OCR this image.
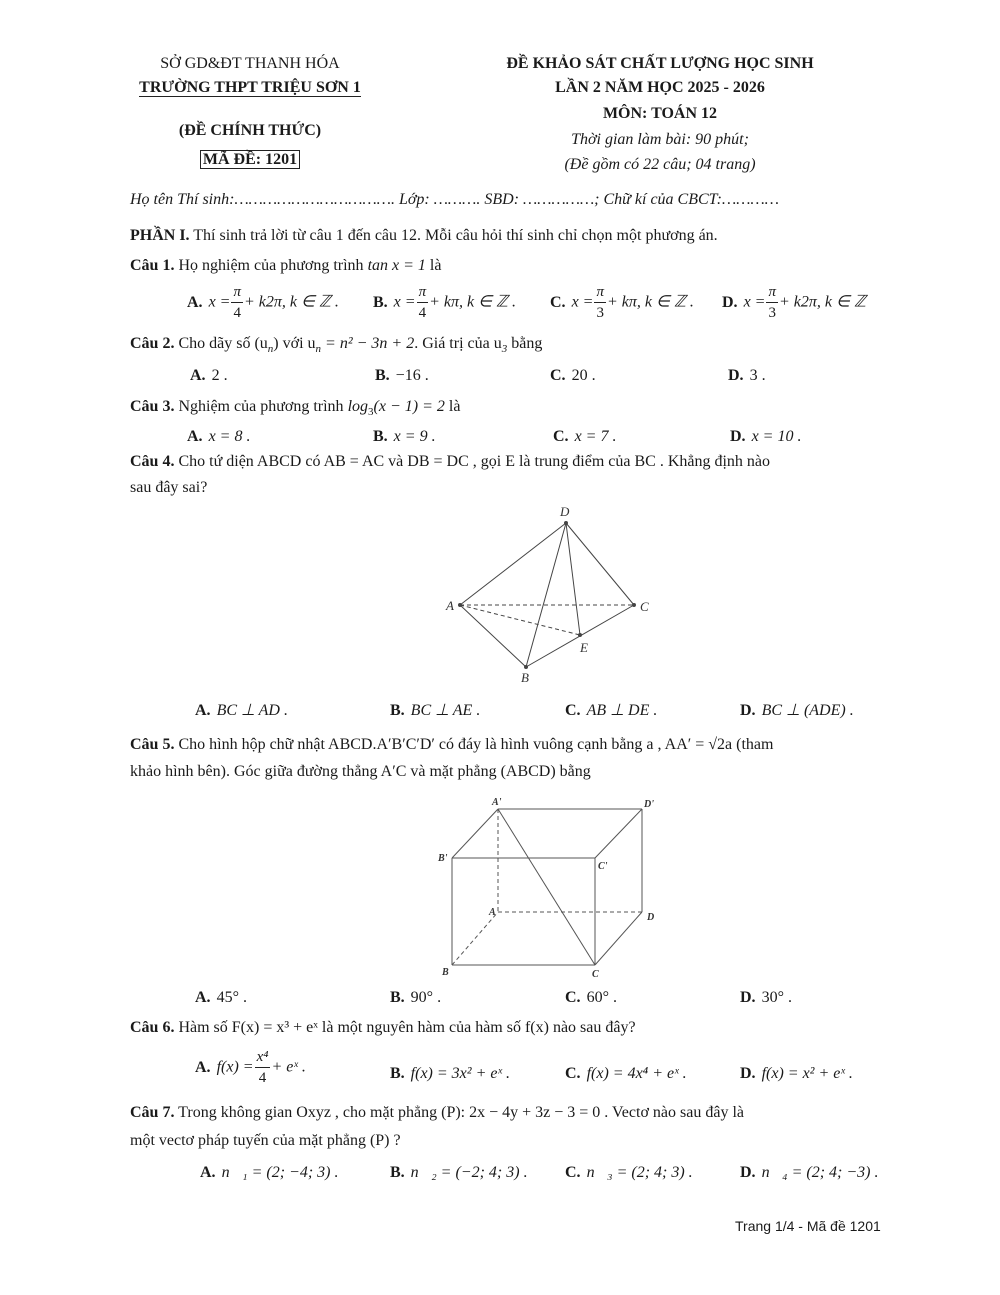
SỞ GD&ĐT THANH HÓA
TRƯỜNG THPT TRIỆU SƠN 1
(ĐỀ CHÍNH THỨC)
MÃ ĐỀ: 1201
ĐỀ KHẢO SÁT CHẤT LƯỢNG HỌC SINH
LẦN 2 NĂM HỌC 2025 - 2026
MÔN: TOÁN 12
Thời gian làm bài: 90 phút;
(Đề gồm có 22 câu; 04 trang)
Họ tên Thí sinh:……………………………. Lớp: ………. SBD: ……………; Chữ kí của CBCT:…………
PHẦN I. Thí sinh trả lời từ câu 1 đến câu 12. Mỗi câu hỏi thí sinh chỉ chọn một phương án.
Câu 1. Họ nghiệm của phương trình tan x = 1 là
A. $x = \frac{\pi}{4} + k2\pi$, k ∈ ℤ . B. $x = \frac{\pi}{4} + k\pi$, k ∈ ℤ . C. $x = \frac{\pi}{3} + k\pi$, k ∈ ℤ . D. $x = \frac{\pi}{3} + k2\pi$, k ∈ ℤ
Câu 2. Cho dãy số $(u_n)$ với $u_n = n^2 - 3n + 2$. Giá trị của $u_3$ bằng
A. 2 .	B. −16 .	C. 20 .	D. 3 .
Câu 3. Nghiệm của phương trình $\log_3(x - 1) = 2$ là
A. x = 8 .	B. x = 9 .	C. x = 7 .	D. x = 10 .
Câu 4. Cho tứ diện ABCD có AB = AC và DB = DC , gọi E là trung điểm của BC . Khẳng định nào
sau đây sai?
D
A	C
E
B
A. BC ⊥ AD .	B. BC ⊥ AE .	C. AB ⊥ DE .	D. BC ⊥ (ADE) .
Câu 5. Cho hình hộp chữ nhật ABCD.A′B′C′D′ có đáy là hình vuông cạnh bằng a , AA′ = √2a (tham
khảo hình bên). Góc giữa đường thẳng A′C và mặt phẳng (ABCD) bằng
A'	D'
B'
C'
A	D
B	C
A. 45° .	B. 90° .	C. 60° .	D. 30° .
Câu 6. Hàm số F(x) = x³ + eˣ là một nguyên hàm của hàm số f(x) nào sau đây?
A. $f(x) = \frac{\text{x⁴}}{4}$ + eˣ .	B. f(x) = 3x² + eˣ .	C. f(x) = 4x⁴ + eˣ .	D. f(x) = x² + eˣ .
Câu 7. Trong không gian Oxyz , cho mặt phẳng (P): 2x − 4y + 3z − 3 = 0 . Vectơ nào sau đây là
một vectơ pháp tuyến của mặt phẳng (P) ?
A. n⃗₁ = (2; −4; 3) .	B. n⃗₂ = (−2; 4; 3) . C. n⃗₃ = (2; 4; 3) .	D. n⃗₄ = (2; 4; −3) .
Trang 1/4 - Mã đề 1201
